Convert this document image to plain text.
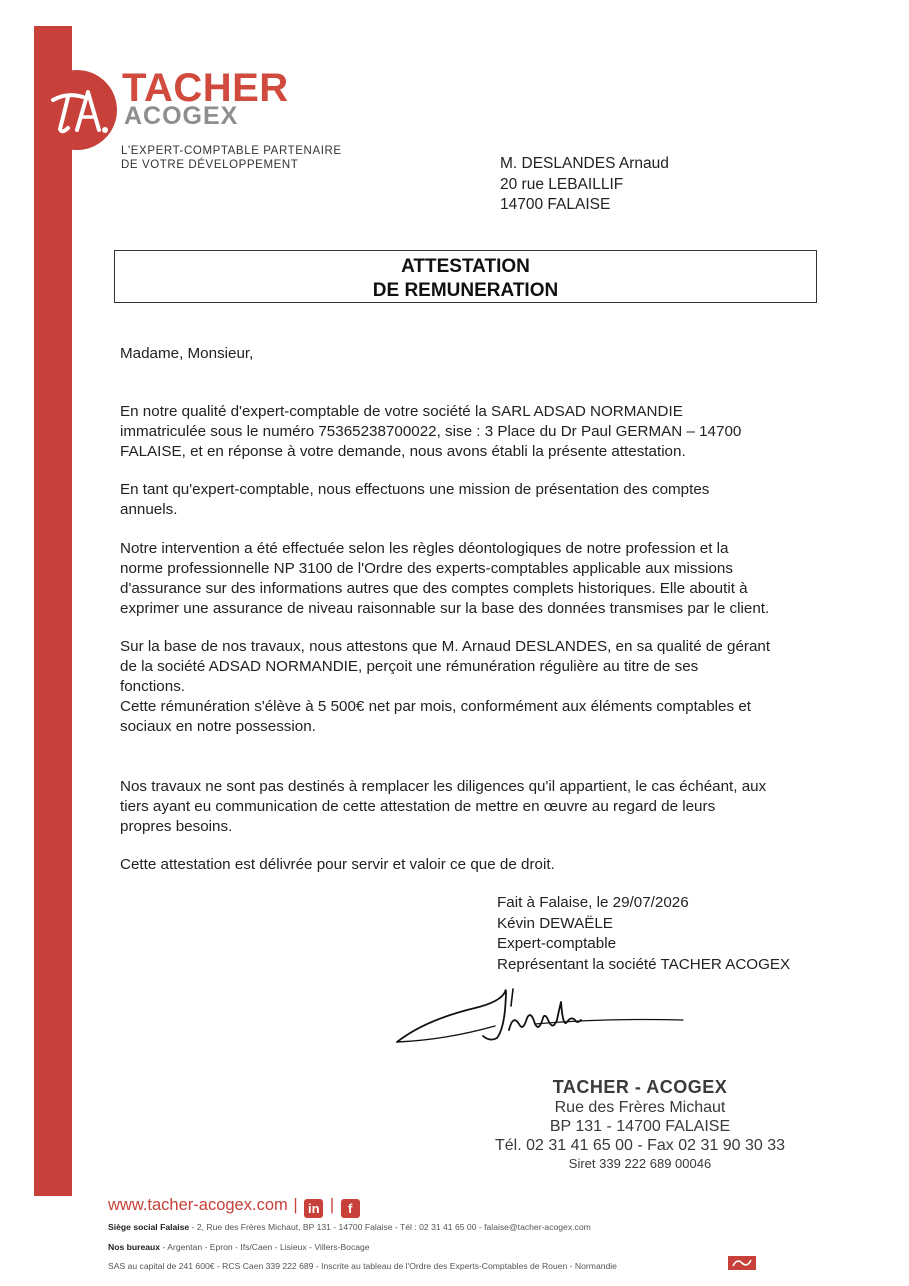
TACHER
ACOGEX
L'EXPERT-COMPTABLE PARTENAIRE
DE VOTRE DÉVELOPPEMENT	M. DESLANDES Arnaud
20 rue LEBAILLIF
14700 FALAISE
ATTESTATION
DE REMUNERATION
Madame, Monsieur,
En notre qualité d'expert-comptable de votre société la SARL ADSAD NORMANDIE
immatriculée sous le numéro 75365238700022, sise : 3 Place du Dr Paul GERMAN – 14700
FALAISE, et en réponse à votre demande, nous avons établi la présente attestation.
En tant qu'expert-comptable, nous effectuons une mission de présentation des comptes
annuels.
Notre intervention a été effectuée selon les règles déontologiques de notre profession et la
norme professionnelle NP 3100 de l'Ordre des experts-comptables applicable aux missions
d'assurance sur des informations autres que des comptes complets historiques. Elle aboutit à
exprimer une assurance de niveau raisonnable sur la base des données transmises par le client.
Sur la base de nos travaux, nous attestons que M. Arnaud DESLANDES, en sa qualité de gérant
de la société ADSAD NORMANDIE, perçoit une rémunération régulière au titre de ses
fonctions.
Cette rémunération s'élève à 5 500€ net par mois, conformément aux éléments comptables et
sociaux en notre possession.
Nos travaux ne sont pas destinés à remplacer les diligences qu'il appartient, le cas échéant, aux
tiers ayant eu communication de cette attestation de mettre en œuvre au regard de leurs
propres besoins.
Cette attestation est délivrée pour servir et valoir ce que de droit.
Fait à Falaise, le 29/07/2026
Kévin DEWAËLE
Expert-comptable
Représentant la société TACHER ACOGEX
TACHER - ACOGEX
Rue des Frères Michaut
BP 131 - 14700 FALAISE
Tél. 02 31 41 65 00 - Fax 02 31 90 30 33
Siret 339 222 689 00046
www.tacher-acogex.com | in | f
Siège social Falaise - 2, Rue des Frères Michaut, BP 131 - 14700 Falaise - Tél : 02 31 41 65 00 - falaise@tacher-acogex.com
Nos bureaux - Argentan - Epron - Ifs/Caen - Lisieux - Villers-Bocage
SAS au capital de 241 600€ - RCS Caen 339 222 689 - Inscrite au tableau de l'Ordre des Experts-Comptables de Rouen - Normandie
